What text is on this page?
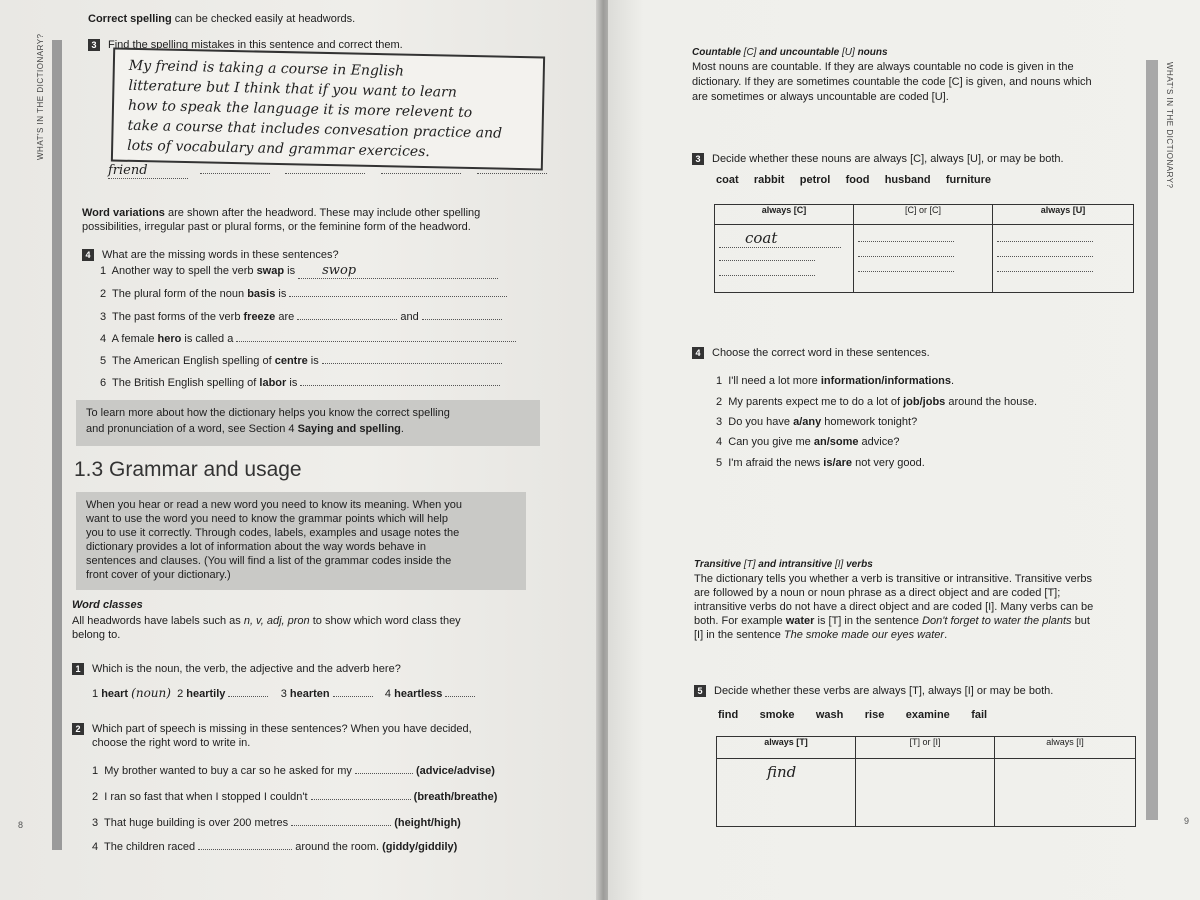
WHAT'S IN THE DICTIONARY?
Correct spelling can be checked easily at headwords.
3 Find the spelling mistakes in this sentence and correct them.
My freind is taking a course in English
litterature but I think that if you want to learn
how to speak the language it is more relevent to
take a course that includes convesation practice and
lots of vocabulary and grammar exercices.
friend
Word variations are shown after the headword. These may include other spelling
possibilities, irregular past or plural forms, or the feminine form of the headword.
4 What are the missing words in these sentences?
1 Another way to spell the verb swap is swop
2 The plural form of the noun basis is
3 The past forms of the verb freeze are	and
4 A female hero is called a
5 The American English spelling of centre is
6 The British English spelling of labor is
To learn more about how the dictionary helps you know the correct spelling
and pronunciation of a word, see Section 4 Saying and spelling.
1.3 Grammar and usage
When you hear or read a new word you need to know its meaning. When you
want to use the word you need to know the grammar points which will help
you to use it correctly. Through codes, labels, examples and usage notes the
dictionary provides a lot of information about the way words behave in
sentences and clauses. (You will find a list of the grammar codes inside the
front cover of your dictionary.)
Word classes
All headwords have labels such as n, v, adj, pron to show which word class they
belong to.
1 Which is the noun, the verb, the adjective and the adverb here?
1 heart (noun) 2 heartily	3 hearten	4 heartless
2 Which part of speech is missing in these sentences? When you have decided,
choose the right word to write in.
1 My brother wanted to buy a car so he asked for my	(advice/advise)
2 I ran so fast that when I stopped I couldn't	(breath/breathe)
3 That huge building is over 200 metres	(height/high)
4 The children raced	around the room. (giddy/giddily)
8
WHAT'S IN THE DICTIONARY?
Countable [C] and uncountable [U] nouns
Most nouns are countable. If they are always countable no code is given in the
dictionary. If they are sometimes countable the code [C] is given, and nouns which
are sometimes or always uncountable are coded [U].
3 Decide whether these nouns are always [C], always [U], or may be both.
coat rabbit petrol food husband furniture
always [C]	[C] or [C]	always [U]
coat		
4 Choose the correct word in these sentences.
1 I'll need a lot more information/informations.
2 My parents expect me to do a lot of job/jobs around the house.
3 Do you have a/any homework tonight?
4 Can you give me an/some advice?
5 I'm afraid the news is/are not very good.
Transitive [T] and intransitive [I] verbs
The dictionary tells you whether a verb is transitive or intransitive. Transitive verbs
are followed by a noun or noun phrase as a direct object and are coded [T];
intransitive verbs do not have a direct object and are coded [I]. Many verbs can be
both. For example water is [T] in the sentence Don't forget to water the plants but
[I] in the sentence The smoke made our eyes water.
5 Decide whether these verbs are always [T], always [I] or may be both.
find smoke wash rise examine fail
always [T]	[T] or [I]	always [I]

find		

9
